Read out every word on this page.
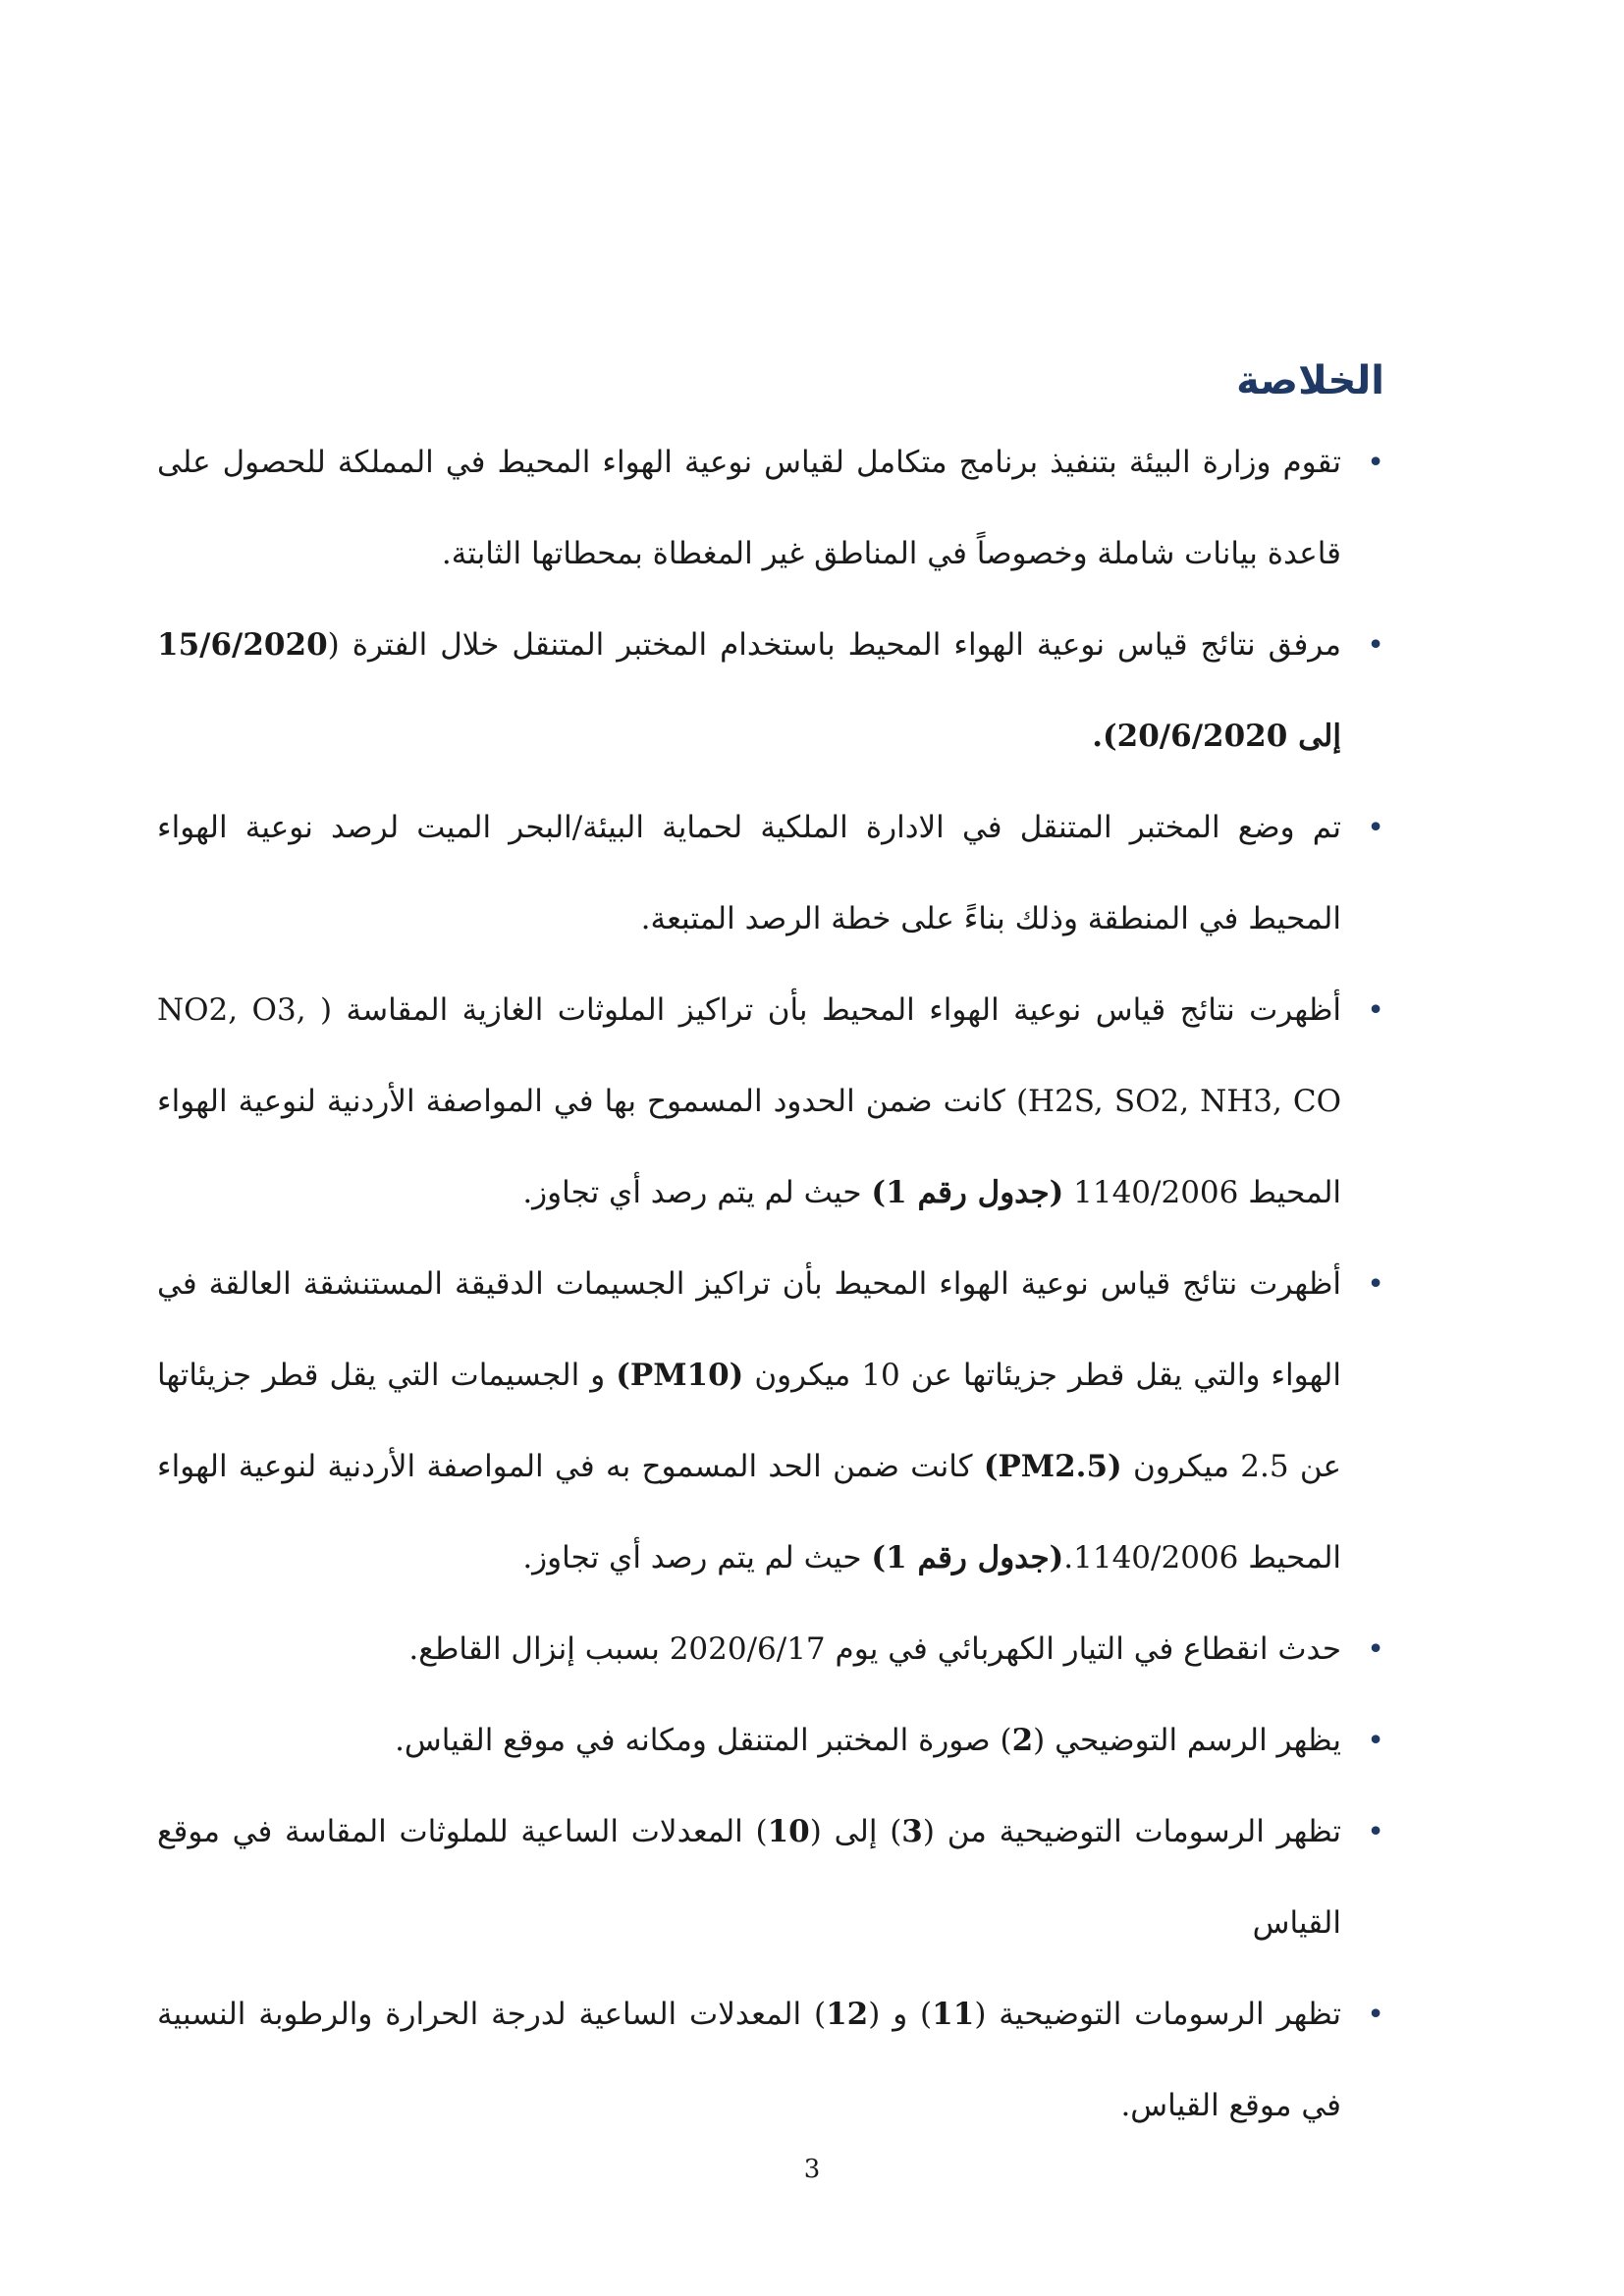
الخلاصة
•
تقوم وزارة البيئة بتنفيذ برنامج متكامل لقياس نوعية الهواء المحيط في المملكة للحصول على قاعدة بيانات شاملة وخصوصاً في المناطق غير المغطاة بمحطاتها الثابتة.
•
مرفق نتائج قياس نوعية الهواء المحيط باستخدام المختبر المتنقل خلال الفترة (15/6/2020 إلى 20/6/2020).
•
تم وضع المختبر المتنقل في الادارة الملكية لحماية البيئة/البحر الميت لرصد نوعية الهواء المحيط في المنطقة وذلك بناءً على خطة الرصد المتبعة.
•
أظهرت نتائج قياس نوعية الهواء المحيط بأن تراكيز الملوثات الغازية المقاسة ( NO2, O3, H2S, SO2, NH3, CO) كانت ضمن الحدود المسموح بها في المواصفة الأردنية لنوعية الهواء المحيط 1140/2006 (جدول رقم 1) حيث لم يتم رصد أي تجاوز.
•
أظهرت نتائج قياس نوعية الهواء المحيط بأن تراكيز الجسيمات الدقيقة المستنشقة العالقة في الهواء والتي يقل قطر جزيئاتها عن 10 ميكرون (PM10) و الجسيمات التي يقل قطر جزيئاتها عن 2.5 ميكرون (PM2.5) كانت ضمن الحد المسموح به في المواصفة الأردنية لنوعية الهواء المحيط 1140/2006.(جدول رقم 1) حيث لم يتم رصد أي تجاوز.
•
حدث انقطاع في التيار الكهربائي في يوم 2020/6/17 بسبب إنزال القاطع.
•
يظهر الرسم التوضيحي (2) صورة المختبر المتنقل ومكانه في موقع القياس.
•
تظهر الرسومات التوضيحية من (3) إلى (10) المعدلات الساعية للملوثات المقاسة في موقع القياس
•
تظهر الرسومات التوضيحية (11) و (12) المعدلات الساعية لدرجة الحرارة والرطوبة النسبية في موقع القياس.
3
